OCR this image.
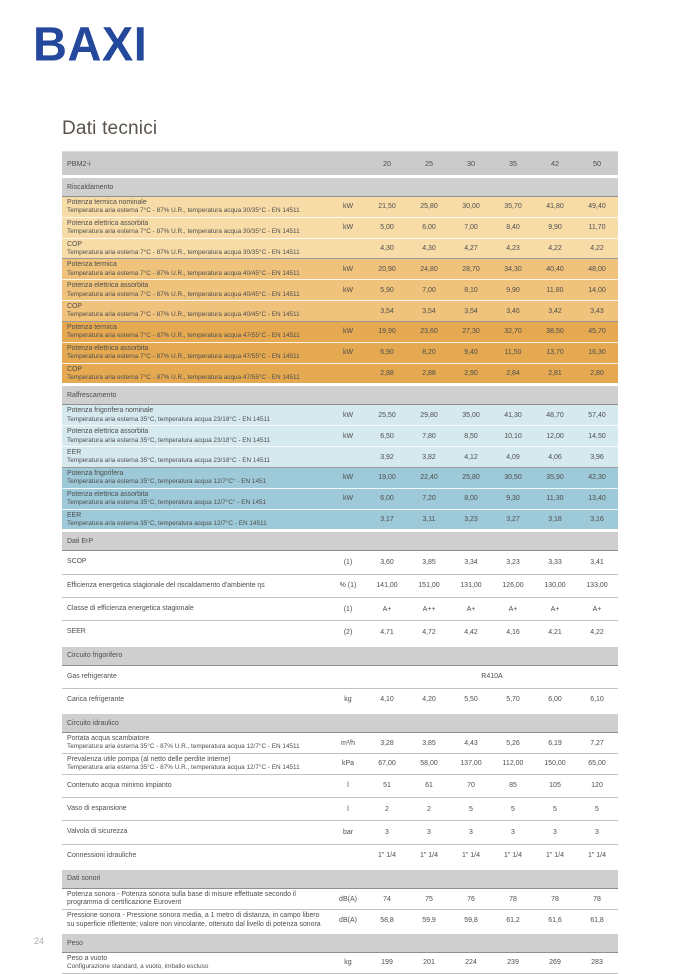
BAXI
Dati tecnici
PBM2-i		20	25	30	35	42	50
Riscaldamento							

Potenza termica nominale
Temperatura aria esterna 7°C - 87% U.R., temperatura acqua 30/35°C - EN 14511	kW	21,50	25,80	30,00	35,70	41,80	49,40

Potenza elettrica assorbita
Temperatura aria esterna 7°C - 87% U.R., temperatura acqua 30/35°C - EN 14511	kW	5,00	6,00	7,00	8,40	9,90	11,70

COP
Temperatura aria esterna 7°C - 87% U.R., temperatura acqua 30/35°C - EN 14511		4,30	4,30	4,27	4,23	4,22	4,22

Potenza termica
Temperatura aria esterna 7°C - 87% U.R., temperatura acqua 40/45°C - EN 14511	kW	20,90	24,80	28,70	34,30	40,40	48,00

Potenza elettrica assorbita
Temperatura aria esterna 7°C - 87% U.R., temperatura acqua 40/45°C - EN 14511	kW	5,90	7,00	8,10	9,90	11,80	14,00

COP
Temperatura aria esterna 7°C - 87% U.R., temperatura acqua 40/45°C - EN 14511		3,54	3,54	3,54	3,46	3,42	3,43

Potenza termica
Temperatura aria esterna 7°C - 87% U.R., temperatura acqua 47/55°C - EN 14511	kW	19,90	23,60	27,30	32,70	38,50	45,70

Potenza elettrica assorbita
Temperatura aria esterna 7°C - 87% U.R., temperatura acqua 47/55°C - EN 14511	kW	6,90	8,20	9,40	11,50	13,70	16,30

COP
Temperatura aria esterna 7°C - 87% U.R., temperatura acqua 47/55°C - EN 14511		2,88	2,88	2,90	2,84	2,81	2,80
Raffrescamento							

Potenza frigorifera nominale
Temperatura aria esterna 35°C, temperatura acqua 23/18°C - EN 14511	kW	25,50	29,80	35,00	41,30	48,70	57,40

Potenza elettrica assorbita
Temperatura aria esterna 35°C, temperatura acqua 23/18°C - EN 14511	kW	6,50	7,80	8,50	10,10	12,00	14,50

EER
Temperatura aria esterna 35°C, temperatura acqua 23/18°C - EN 14511		3,92	3,82	4,12	4,09	4,06	3,96

Potenza frigorifera
Temperatura aria esterna 35°C, temperatura acqua 12/7°C° - EN 1451	kW	19,00	22,40	25,80	30,50	35,90	42,30

Potenza elettrica assorbita
Temperatura aria esterna 35°C, temperatura acqua 12/7°C° - EN 1451	kW	6,00	7,20	8,00	9,30	11,30	13,40

EER
Temperatura aria esterna 35°C, temperatura acqua 12/7°C - EN 14511		3,17	3,11	3,23	3,27	3,18	3,16
Dati ErP							

SCOP	(1)	3,60	3,85	3,34	3,23	3,33	3,41

Efficienza energetica stagionale del riscaldamento d'ambiente ηs	% (1)	141,00	151,00	131,00	126,00	130,00	133,00

Classe di efficienza energetica stagionale	(1)	A+	A++	A+	A+	A+	A+

SEER	(2)	4,71	4,72	4,42	4,16	4,21	4,22
Circuito frigorifero							

Gas refrigerante		R410A					

Carica refrigerante	kg	4,10	4,20	5,50	5,70	6,00	6,10
Circuito idraulico							

Portata acqua scambiatore
Temperatura aria esterna 35°C - 87% U.R., temperatura acqua 12/7°C - EN 14511	m³/h	3,28	3,85	4,43	5,26	6,19	7,27

Prevalenza utile pompa (al netto delle perdite interne)
Temperatura aria esterna 35°C - 87% U.R., temperatura acqua 12/7°C - EN 14511	kPa	67,00	58,00	137,00	112,00	150,00	65,00

Contenuto acqua minimo impianto	l	51	61	70	85	105	120

Vaso di espansione	l	2	2	5	5	5	5

Valvola di sicurezza	bar	3	3	3	3	3	3

Connessioni idrauliche		1" 1/4	1" 1/4	1" 1/4	1" 1/4	1" 1/4	1" 1/4
Dati sonori							

Potenza sonora - Potenza sonora sulla base di misure effettuate secondo il programma di certificazione Eurovent	dB(A)	74	75	76	78	78	78

Pressione sonora - Pressione sonora media, a 1 metro di distanza, in campo libero su superficie riflettente; valore non vincolante, ottenuto dal livello di potenza sonora	dB(A)	58,8	59,9	59,8	61,2	61,6	61,8
Peso							

Peso a vuoto
Configurazione standard, a vuoto, imballo escluso	kg	199	201	224	239	269	283
24
